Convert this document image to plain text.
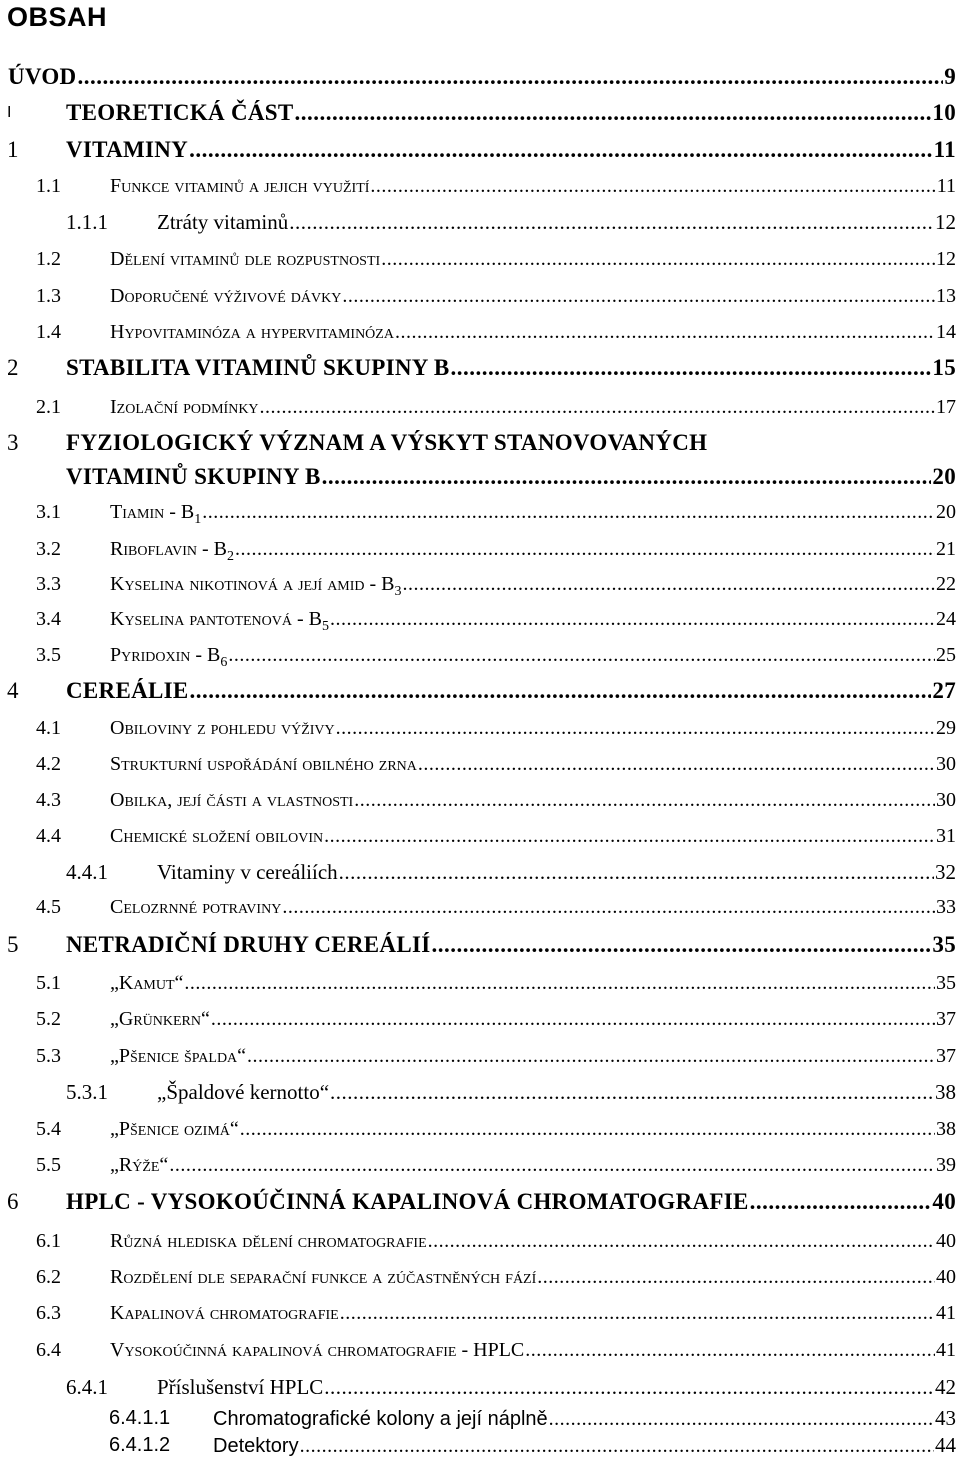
OBSAH
ÚVOD .....	9
I TEORETICKÁ ČÁST .....	10
1 VITAMINY .....	11
1.1 Funkce vitaminů a jejich využití .....	11
1.1.1 Ztráty vitaminů .....	12
1.2 Dělení vitaminů dle rozpustnosti .....	12
1.3 Doporučené výživové dávky .....	13
1.4 Hypovitaminóza a hypervitaminóza .....	14
2 STABILITA VITAMINŮ SKUPINY B .....	15
2.1 Izolační podmínky .....	17
3 FYZIOLOGICKÝ VÝZNAM A VÝSKYT STANOVOVANÝCH
VITAMINŮ SKUPINY B .....	20
3.1 Tiamin - $B_1$ .....	20
3.2 Riboflavin - $B_2$ .....	21
3.3 Kyselina nikotinová a její amid - $B_3$ .....	22
3.4 Kyselina pantotenová - $B_5$ .....	24
3.5 Pyridoxin - $B_6$ .....	25
4 CEREÁLIE .....	27
4.1 Obiloviny z pohledu výživy .....	29
4.2 Strukturní uspořádání obilného zrna .....	30
4.3 Obilka, její části a vlastnosti .....	30
4.4 Chemické složení obilovin .....	31
4.4.1 Vitaminy v cereáliích .....	32
4.5 Celozrnné potraviny .....	33
5 NETRADIČNÍ DRUHY CEREÁLIÍ .....	35
5.1 „Kamut“ .....	35
5.2 „Grünkern“ .....	37
5.3 „Pšenice špalda“ .....	37
5.3.1 „Špaldové kernotto“ .....	38
5.4 „Pšenice ozimá“ .....	38
5.5 „Rýže“ .....	39
6 HPLC - VYSOKOÚČINNÁ KAPALINOVÁ CHROMATOGRAFIE .....	40
6.1 Různá hlediska dělení chromatografie .....	40
6.2 Rozdělení dle separační funkce a zúčastněných fází .....	40
6.3 Kapalinová chromatografie .....	41
6.4 Vysokoúčinná kapalinová chromatografie - HPLC .....	41
6.4.1 Příslušenství HPLC .....	42
6.4.1.1 Chromatografické kolony a její náplně .....	43
6.4.1.2 Detektory .....	44
